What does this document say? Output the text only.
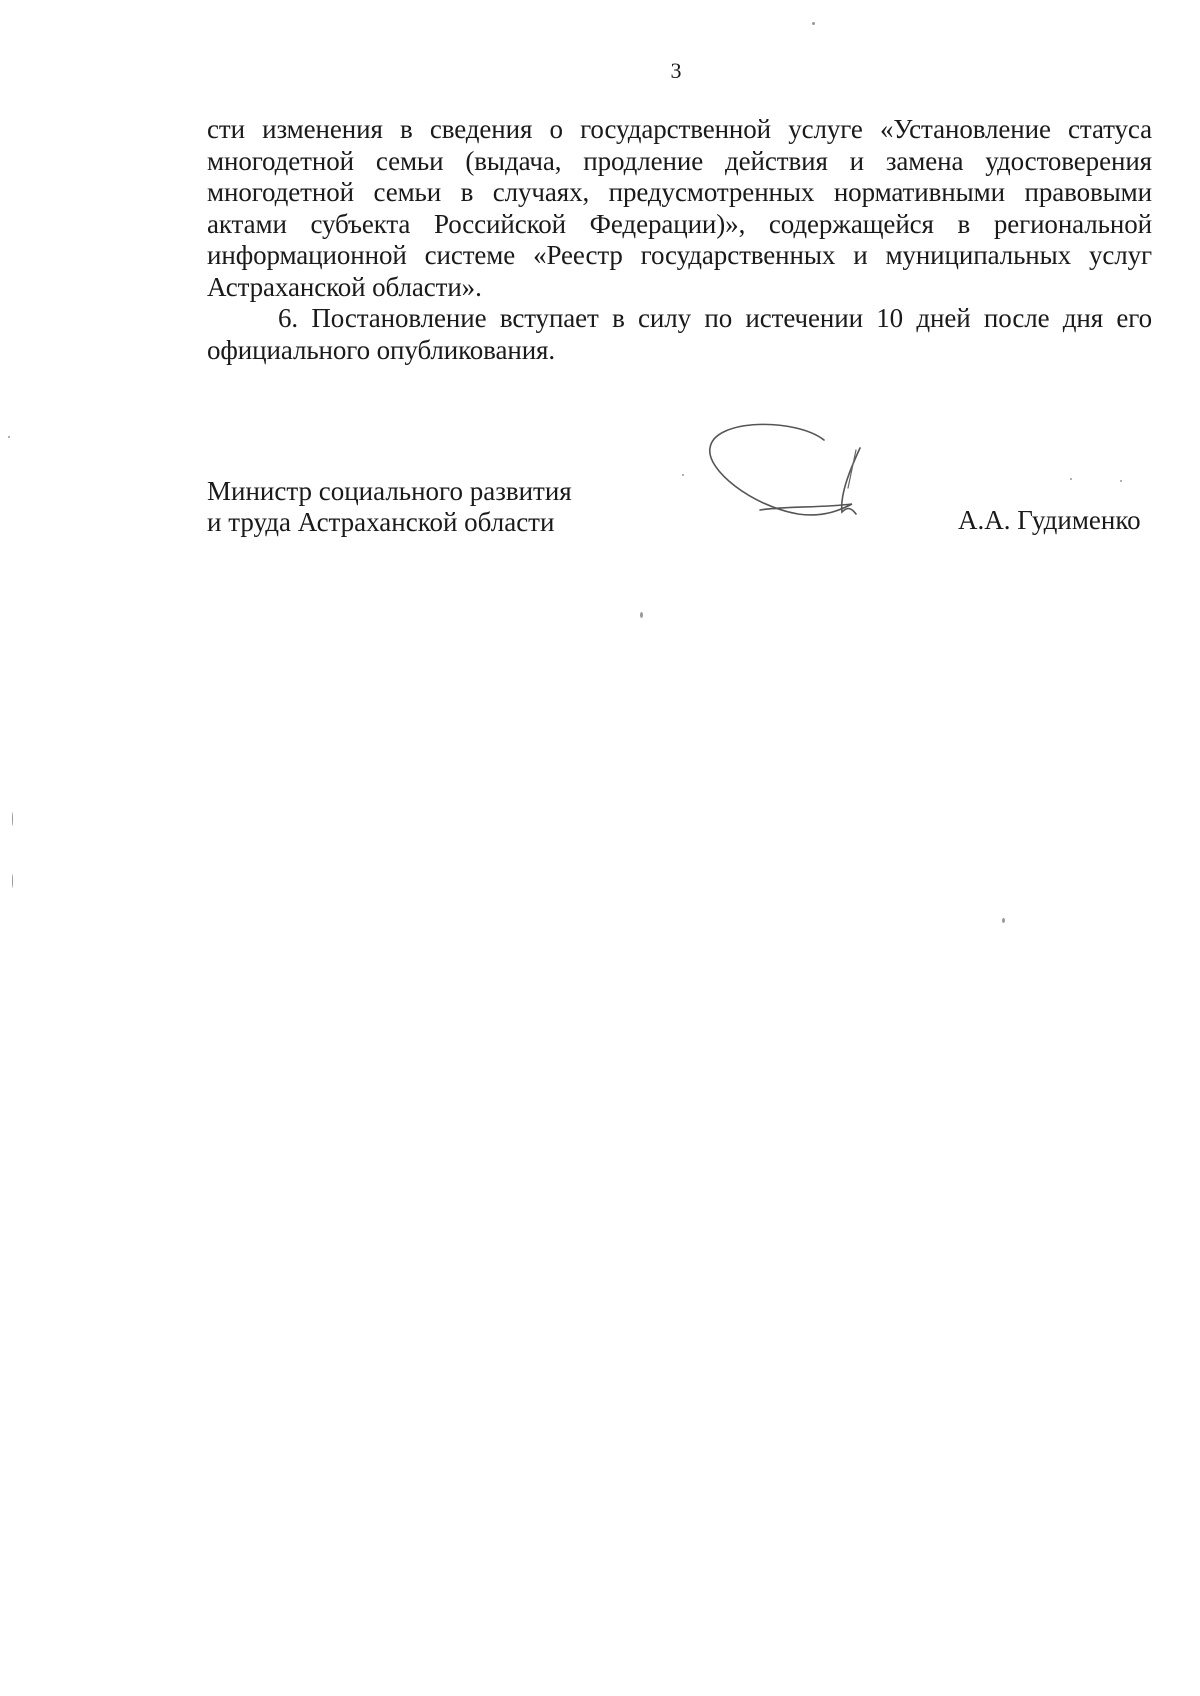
3

сти изменения в сведения о государственной услуге «Установление статуса многодетной семьи (выдача, продление действия и замена удостоверения многодетной семьи в случаях, предусмотренных нормативными правовыми актами субъекта Российской Федерации)», содержащейся в региональной информационной системе «Реестр государственных и муниципальных услуг Астраханской области».

6. Постановление вступает в силу по истечении 10 дней после дня его официального опубликования.

Министр социального развития
и труда Астраханской области	А.А. Гудименко
